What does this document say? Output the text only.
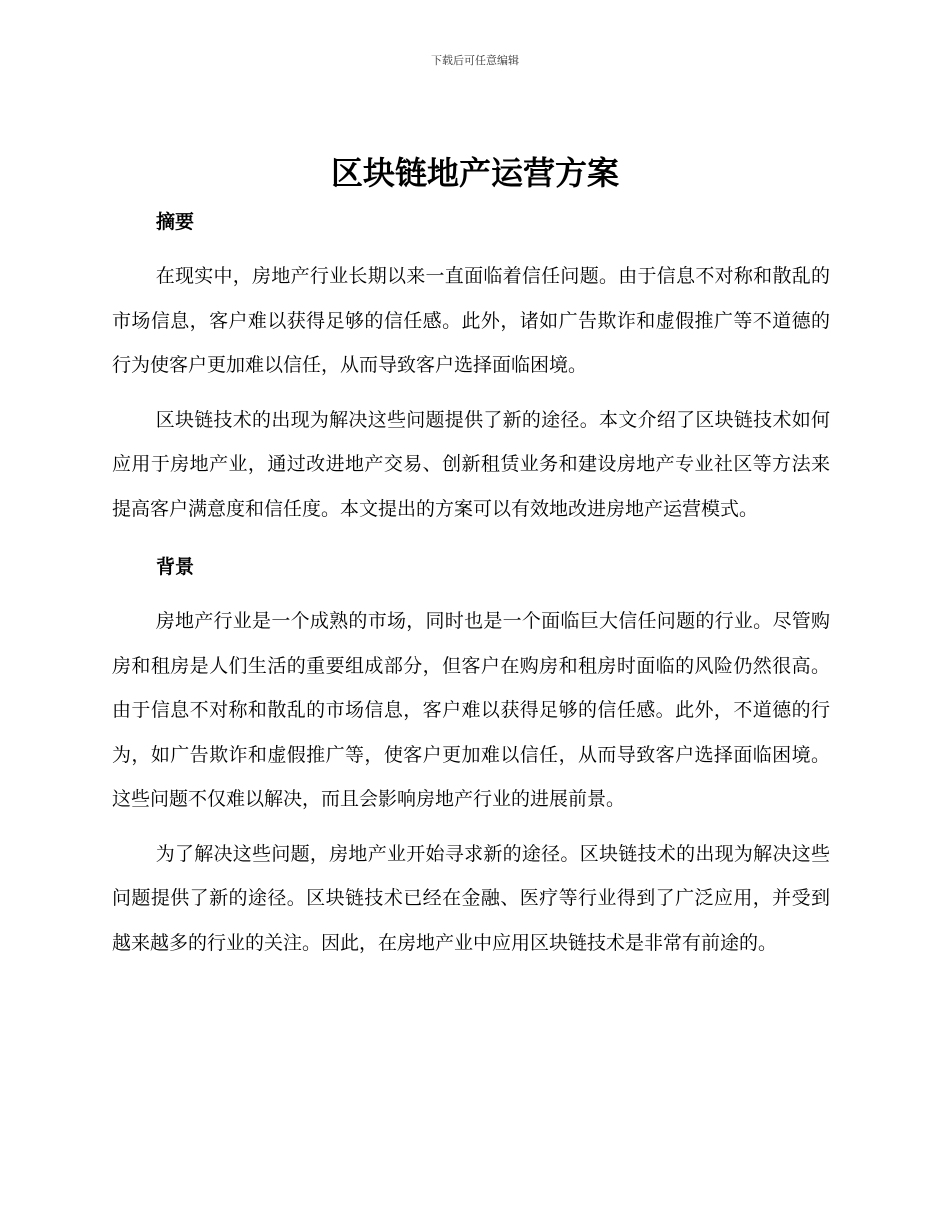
下载后可任意编辑
区块链地产运营方案
摘要

在现实中，房地产行业长期以来一直面临着信任问题。由于信息不对称和散乱的市场信息，客户难以获得足够的信任感。此外，诸如广告欺诈和虚假推广等不道德的行为使客户更加难以信任，从而导致客户选择面临困境。

区块链技术的出现为解决这些问题提供了新的途径。本文介绍了区块链技术如何应用于房地产业，通过改进地产交易、创新租赁业务和建设房地产专业社区等方法来提高客户满意度和信任度。本文提出的方案可以有效地改进房地产运营模式。

背景

房地产行业是一个成熟的市场，同时也是一个面临巨大信任问题的行业。尽管购房和租房是人们生活的重要组成部分，但客户在购房和租房时面临的风险仍然很高。由于信息不对称和散乱的市场信息，客户难以获得足够的信任感。此外，不道德的行为，如广告欺诈和虚假推广等，使客户更加难以信任，从而导致客户选择面临困境。这些问题不仅难以解决，而且会影响房地产行业的进展前景。

为了解决这些问题，房地产业开始寻求新的途径。区块链技术的出现为解决这些问题提供了新的途径。区块链技术已经在金融、医疗等行业得到了广泛应用，并受到越来越多的行业的关注。因此，在房地产业中应用区块链技术是非常有前途的。
